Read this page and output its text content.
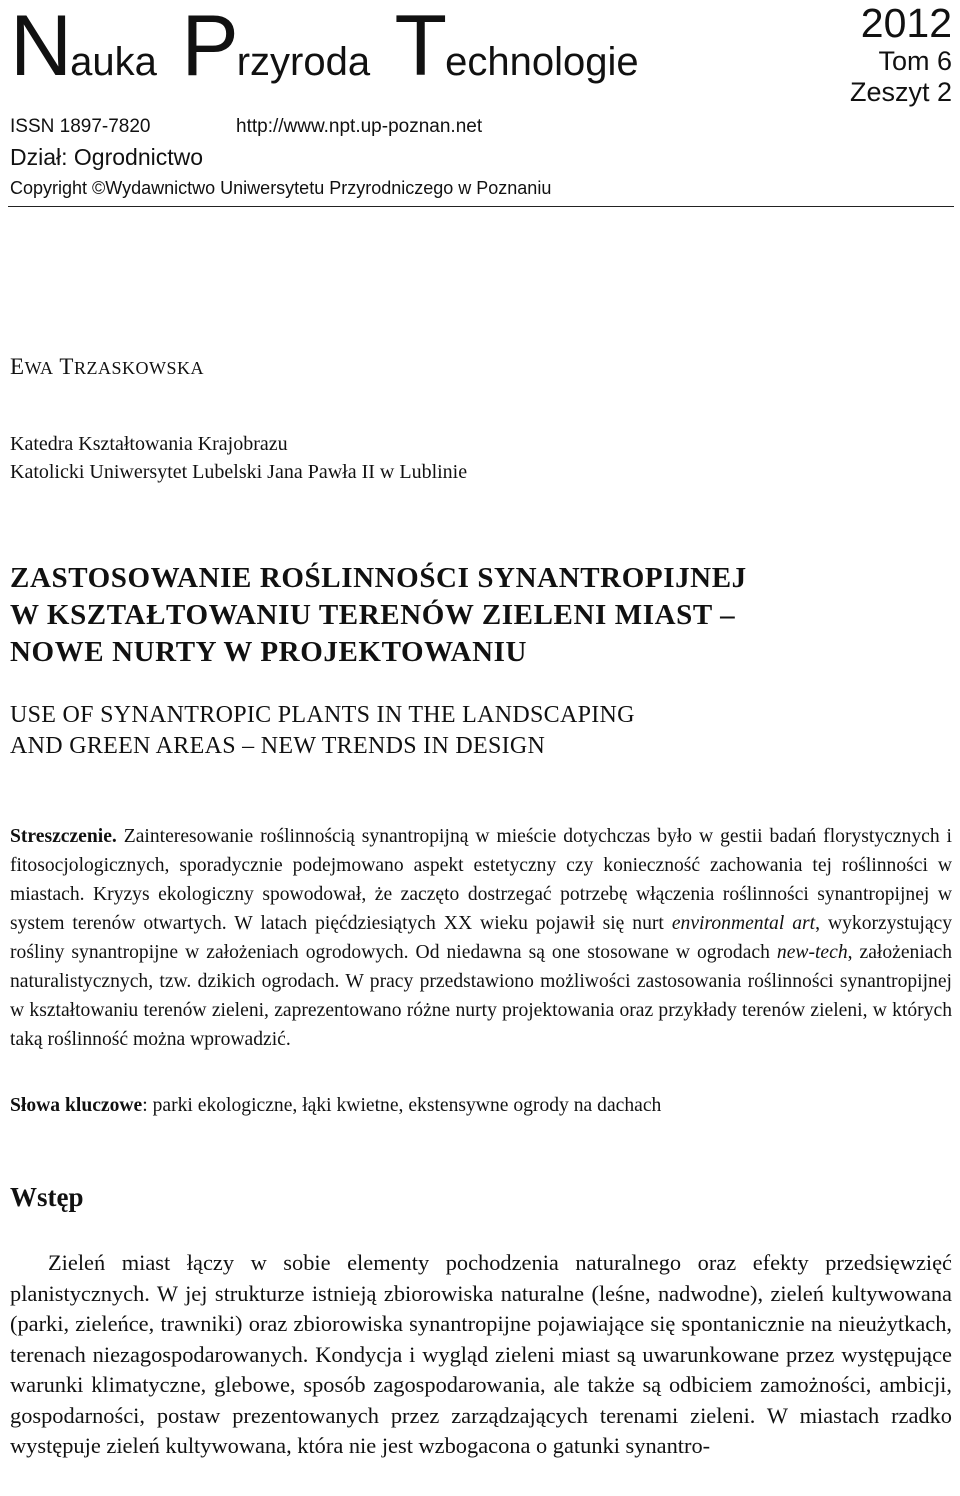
Nauka Przyroda Technologie
2012
Tom 6
Zeszyt 2
ISSN 1897-7820	http://www.npt.up-poznan.net
Dział: Ogrodnictwo
Copyright ©Wydawnictwo Uniwersytetu Przyrodniczego w Poznaniu
EWA TRZASKOWSKA
Katedra Kształtowania Krajobrazu
Katolicki Uniwersytet Lubelski Jana Pawła II w Lublinie
ZASTOSOWANIE ROŚLINNOŚCI SYNANTROPIJNEJ
W KSZTAŁTOWANIU TERENÓW ZIELENI MIAST –
NOWE NURTY W PROJEKTOWANIU
USE OF SYNANTROPIC PLANTS IN THE LANDSCAPING
AND GREEN AREAS – NEW TRENDS IN DESIGN
Streszczenie. Zainteresowanie roślinnością synantropijną w mieście dotychczas było w gestii badań florystycznych i fitosocjologicznych, sporadycznie podejmowano aspekt estetyczny czy konieczność zachowania tej roślinności w miastach. Kryzys ekologiczny spowodował, że zaczęto dostrzegać potrzebę włączenia roślinności synantropijnej w system terenów otwartych. W latach pięćdziesiątych XX wieku pojawił się nurt environmental art, wykorzystujący rośliny synantropijne w założeniach ogrodowych. Od niedawna są one stosowane w ogrodach new-tech, założeniach naturalistycznych, tzw. dzikich ogrodach. W pracy przedstawiono możliwości zastosowania roślinności synantropijnej w kształtowaniu terenów zieleni, zaprezentowano różne nurty projektowania oraz przykłady terenów zieleni, w których taką roślinność można wprowadzić.
Słowa kluczowe: parki ekologiczne, łąki kwietne, ekstensywne ogrody na dachach
Wstęp
Zieleń miast łączy w sobie elementy pochodzenia naturalnego oraz efekty przedsięwzięć planistycznych. W jej strukturze istnieją zbiorowiska naturalne (leśne, nadwodne), zieleń kultywowana (parki, zieleńce, trawniki) oraz zbiorowiska synantropijne pojawiające się spontanicznie na nieużytkach, terenach niezagospodarowanych. Kondycja i wygląd zieleni miast są uwarunkowane przez występujące warunki klimatyczne, glebowe, sposób zagospodarowania, ale także są odbiciem zamożności, ambicji, gospodarności, postaw prezentowanych przez zarządzających terenami zieleni. W miastach rzadko występuje zieleń kultywowana, która nie jest wzbogacona o gatunki synantro-
